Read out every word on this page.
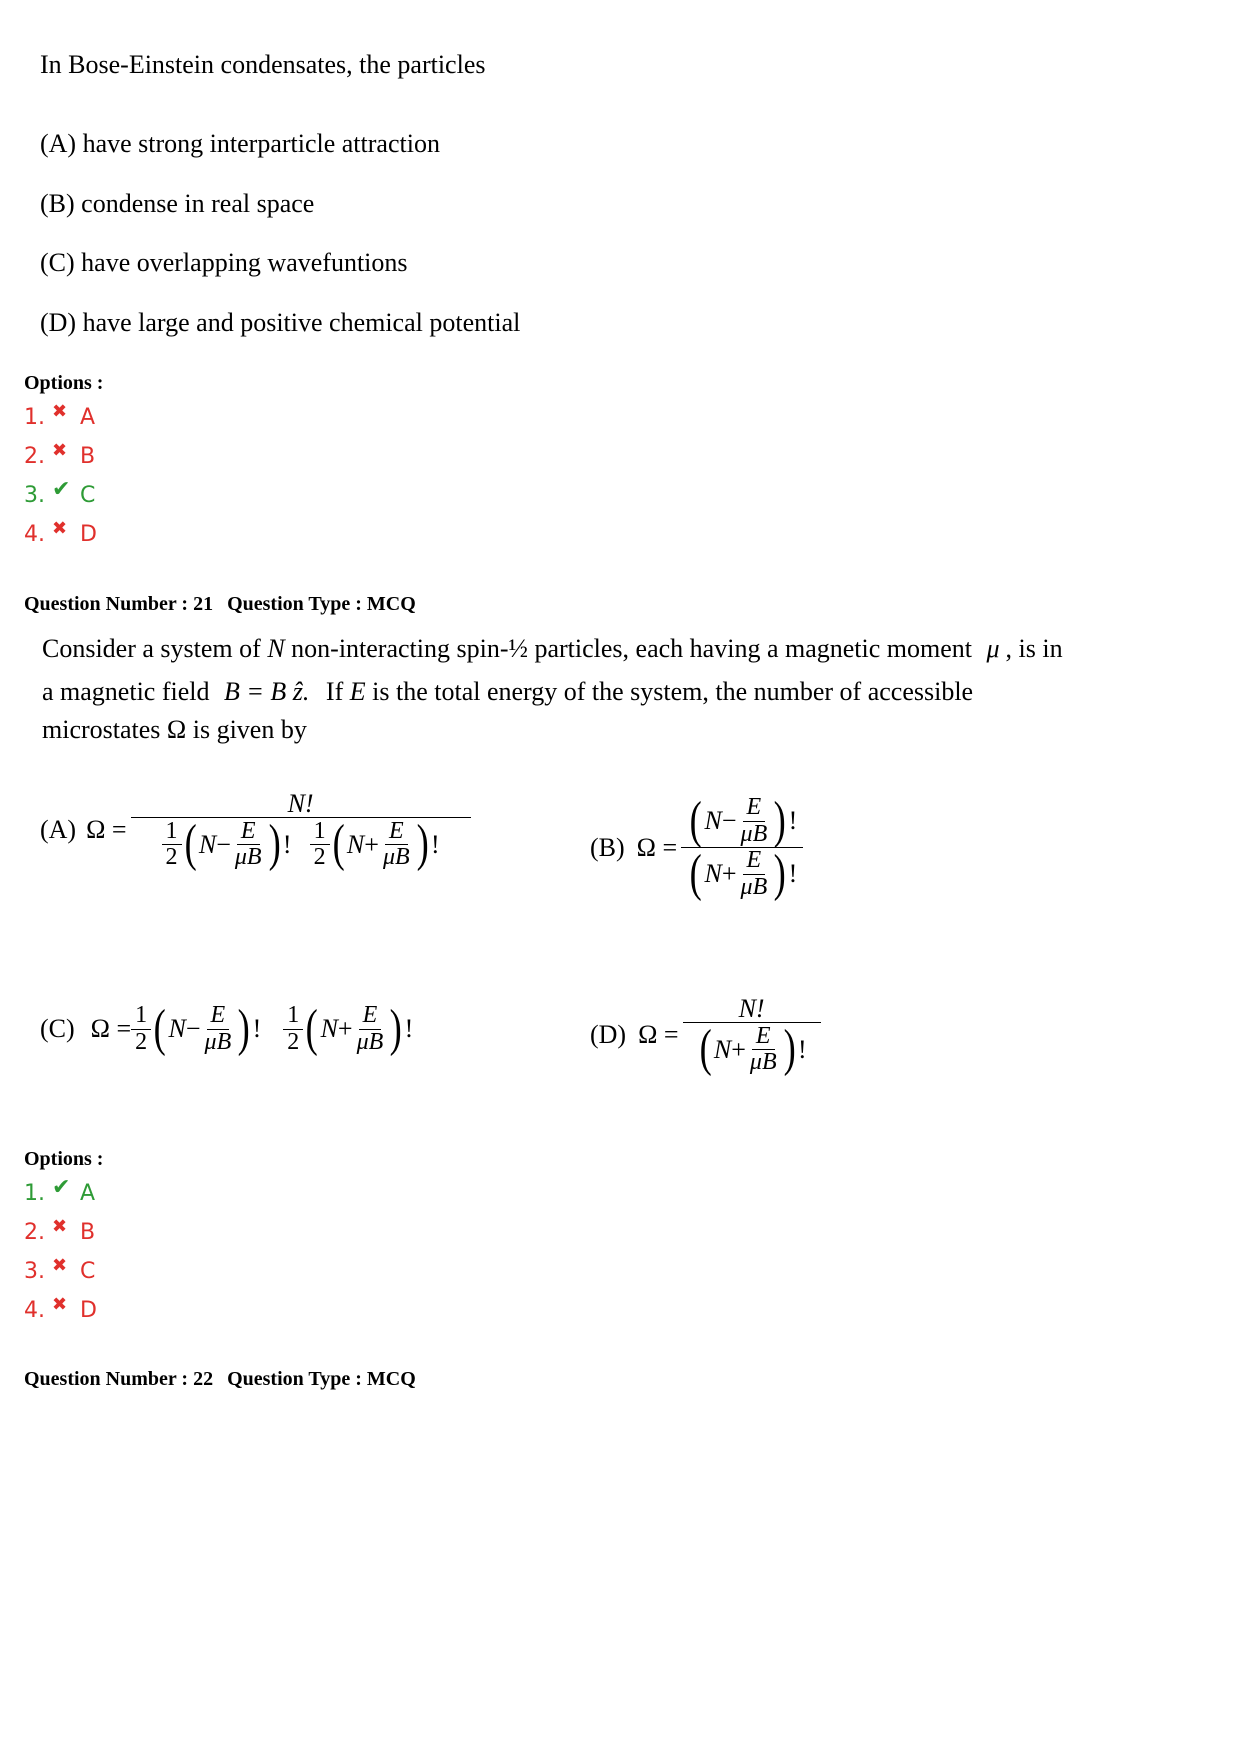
In Bose-Einstein condensates, the particles
(A) have strong interparticle attraction
(B) condense in real space
(C) have overlapping wavefuntions
(D) have large and positive chemical potential
Options :
1. ✖ A
2. ✖ B
3. ✔ C
4. ✖ D
Question Number : 21 Question Type : MCQ
Consider a system of N non-interacting spin-½ particles, each having a magnetic moment μ , is in
a magnetic field B = B ẑ. If E is the total energy of the system, the number of accessible
microstates Ω is given by
(A) Ω =
N!
$\frac{1}{2}$ ( $N - \frac{E}{\mu B}$ ) ! $\frac{1}{2}$ ( $N + \frac{E}{\mu B}$ ) !	(B) $\Omega = \frac{( N - \frac{E}{\mu B} ) !}{( N + \frac{E}{\mu B} ) !}$
(C) $\Omega = \frac{1}{2}$ ( $N - \frac{E}{\mu B}$ ) ! $\frac{1}{2}$ ( $N + \frac{E}{\mu B}$ ) !	(D) $\Omega = \frac{N!}{( N + \frac{E}{\mu B} ) !}$
Options :
1. ✔ A
2. ✖ B
3. ✖ C
4. ✖ D
Question Number : 22 Question Type : MCQ
